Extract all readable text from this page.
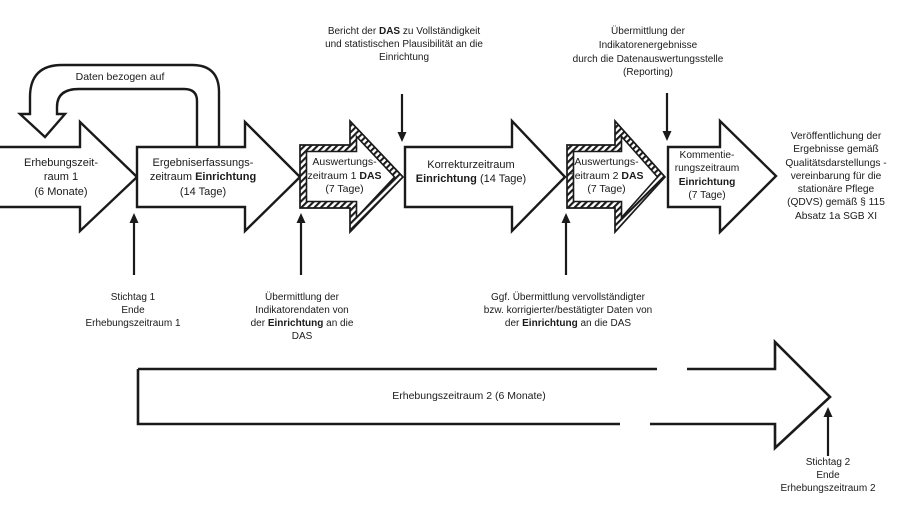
Daten bezogen auf
Erhebungszeit-
raum 1
(6 Monate)
Ergebniserfassungs-
zeitraum Einrichtung
(14 Tage)
Auswertungs-
zeitraum 1 DAS
(7 Tage)
Korrekturzeitraum
Einrichtung (14 Tage)
Auswertungs-
zeitraum 2 DAS
(7 Tage)
Kommentie-
rungszeitraum
Einrichtung
(7 Tage)
Veröffentlichung der
Ergebnisse gemäß
Qualitätsdarstellungs -
vereinbarung für die
stationäre Pflege
(QDVS) gemäß § 115
Absatz 1a SGB XI
Bericht der DAS zu Vollständigkeit
und statistischen Plausibilität an die
Einrichtung
Übermittlung der
Indikatorenergebnisse
durch die Datenauswertungsstelle
(Reporting)
Stichtag 1
Ende
Erhebungszeitraum 1
Übermittlung der
Indikatorendaten von
der Einrichtung an die
DAS
Ggf. Übermittlung vervollständigter
bzw. korrigierter/bestätigter Daten von
der Einrichtung an die DAS
Erhebungszeitraum 2 (6 Monate)
Stichtag 2
Ende
Erhebungszeitraum 2
